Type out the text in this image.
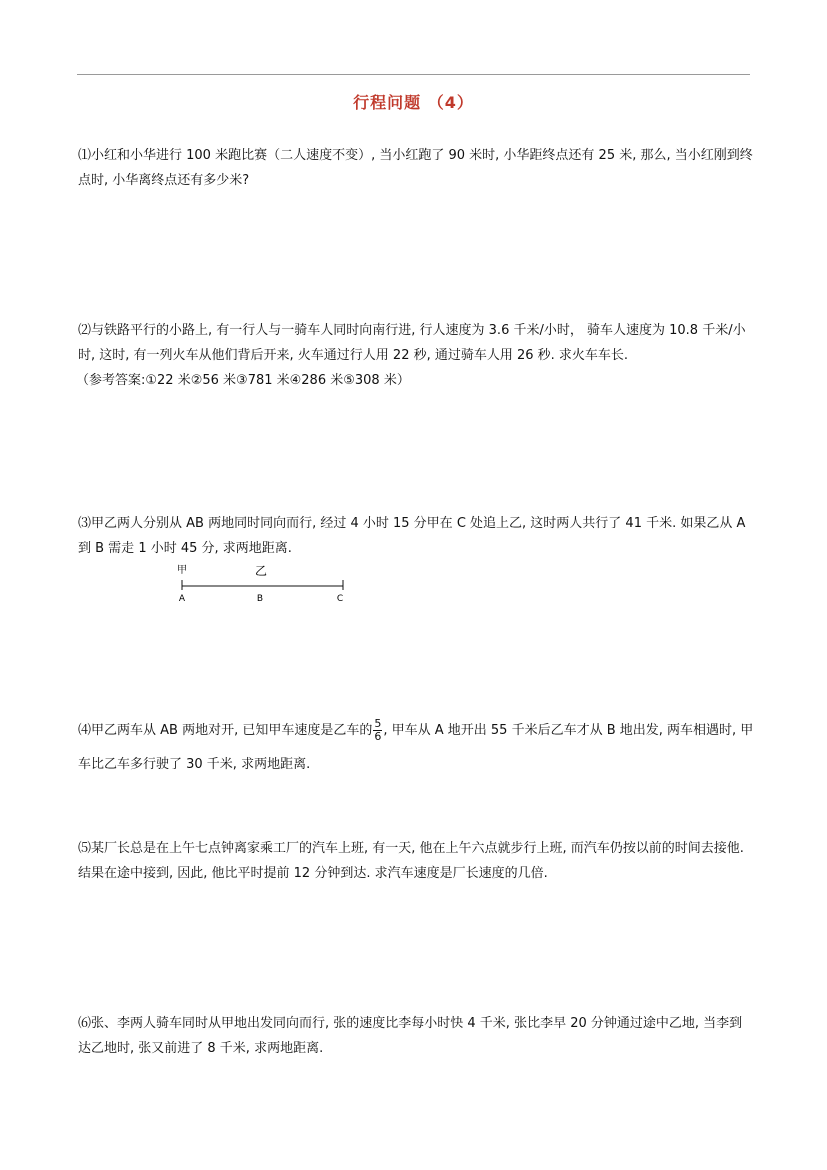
行程问题 （4）
⑴小红和小华进行 100 米跑比赛（二人速度不变）, 当小红跑了 90 米时, 小华距终点还有 25 米, 那么, 当小红刚到终点时, 小华离终点还有多少米?
⑵与铁路平行的小路上, 有一行人与一骑车人同时向南行进, 行人速度为 3.6 千米/小时， 骑车人速度为 10.8 千米/小时, 这时, 有一列火车从他们背后开来, 火车通过行人用 22 秒, 通过骑车人用 26 秒. 求火车车长.
（参考答案:①22 米②56 米③781 米④286 米⑤308 米）
⑶甲乙两人分别从 AB 两地同时同向而行, 经过 4 小时 15 分甲在 C 处追上乙, 这时两人共行了 41 千米. 如果乙从 A 到 B 需走 1 小时 45 分, 求两地距离.
甲	乙
A	B	C
⑷甲乙两车从 AB 两地对开, 已知甲车速度是乙车的 $\frac{5}{6}$ , 甲车从 A 地开出 55 千米后乙车才从 B 地出发, 两车相遇时, 甲车比乙车多行驶了 30 千米, 求两地距离.
⑸某厂长总是在上午七点钟离家乘工厂的汽车上班, 有一天, 他在上午六点就步行上班, 而汽车仍按以前的时间去接他. 结果在途中接到, 因此, 他比平时提前 12 分钟到达. 求汽车速度是厂长速度的几倍.
⑹张、李两人骑车同时从甲地出发同向而行, 张的速度比李每小时快 4 千米, 张比李早 20 分钟通过途中乙地, 当李到达乙地时, 张又前进了 8 千米, 求两地距离.
